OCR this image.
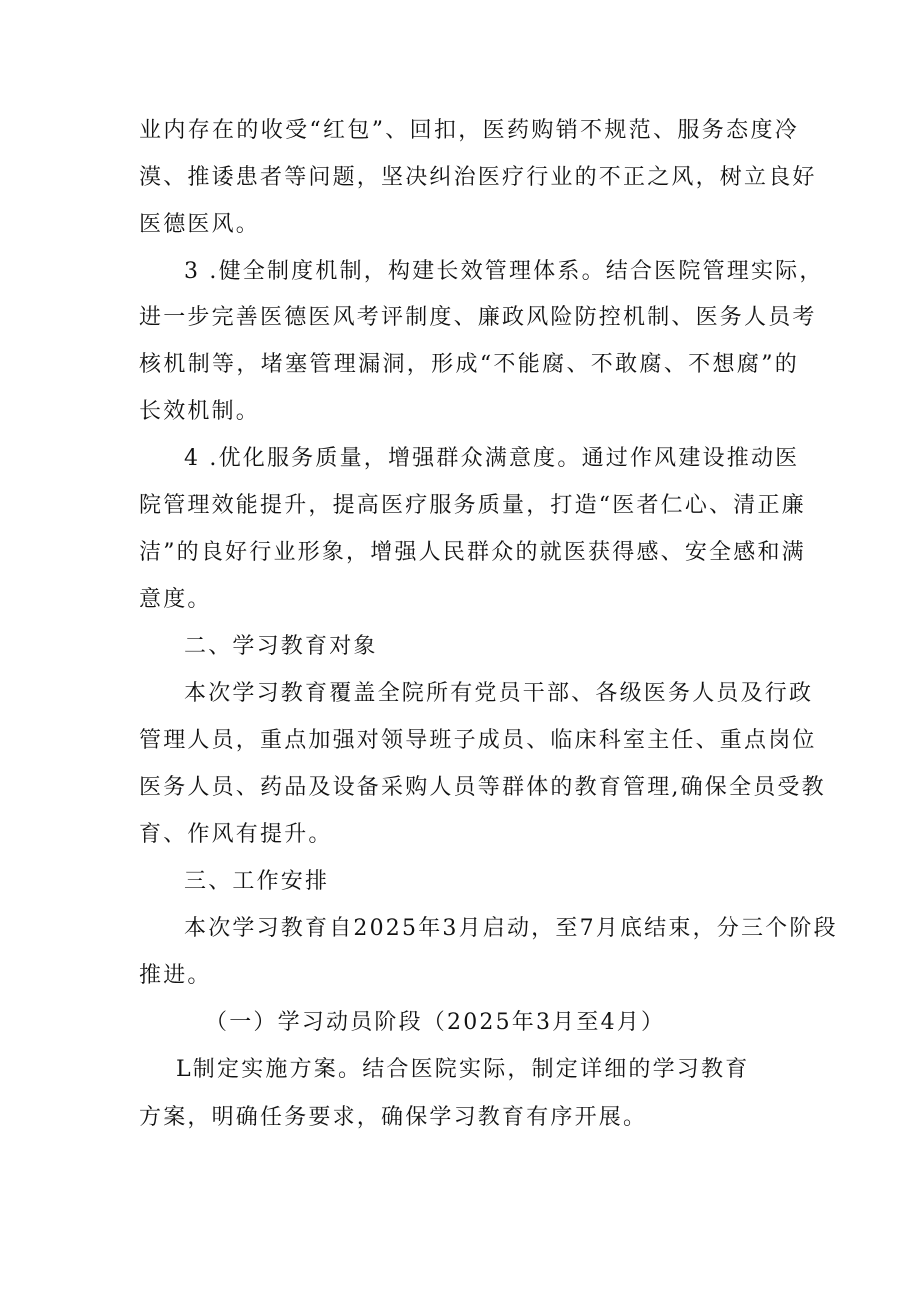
业内存在的收受“红包”、回扣，医药购销不规范、服务态度冷
漠、推诿患者等问题，坚决纠治医疗行业的不正之风，树立良好
医德医风。
3 .健全制度机制，构建长效管理体系。结合医院管理实际，
进一步完善医德医风考评制度、廉政风险防控机制、医务人员考
核机制等，堵塞管理漏洞，形成“不能腐、不敢腐、不想腐”的
长效机制。
4 .优化服务质量，增强群众满意度。通过作风建设推动医
院管理效能提升，提高医疗服务质量，打造“医者仁心、清正廉
洁”的良好行业形象，增强人民群众的就医获得感、安全感和满
意度。
二、学习教育对象
本次学习教育覆盖全院所有党员干部、各级医务人员及行政
管理人员，重点加强对领导班子成员、临床科室主任、重点岗位
医务人员、药品及设备采购人员等群体的教育管理,确保全员受教
育、作风有提升。
三、工作安排
本次学习教育自2025年3月启动，至7月底结束，分三个阶段
推进。
（一）学习动员阶段（2025年3月至4月）
L制定实施方案。结合医院实际，制定详细的学习教育
方案，明确任务要求，确保学习教育有序开展。
